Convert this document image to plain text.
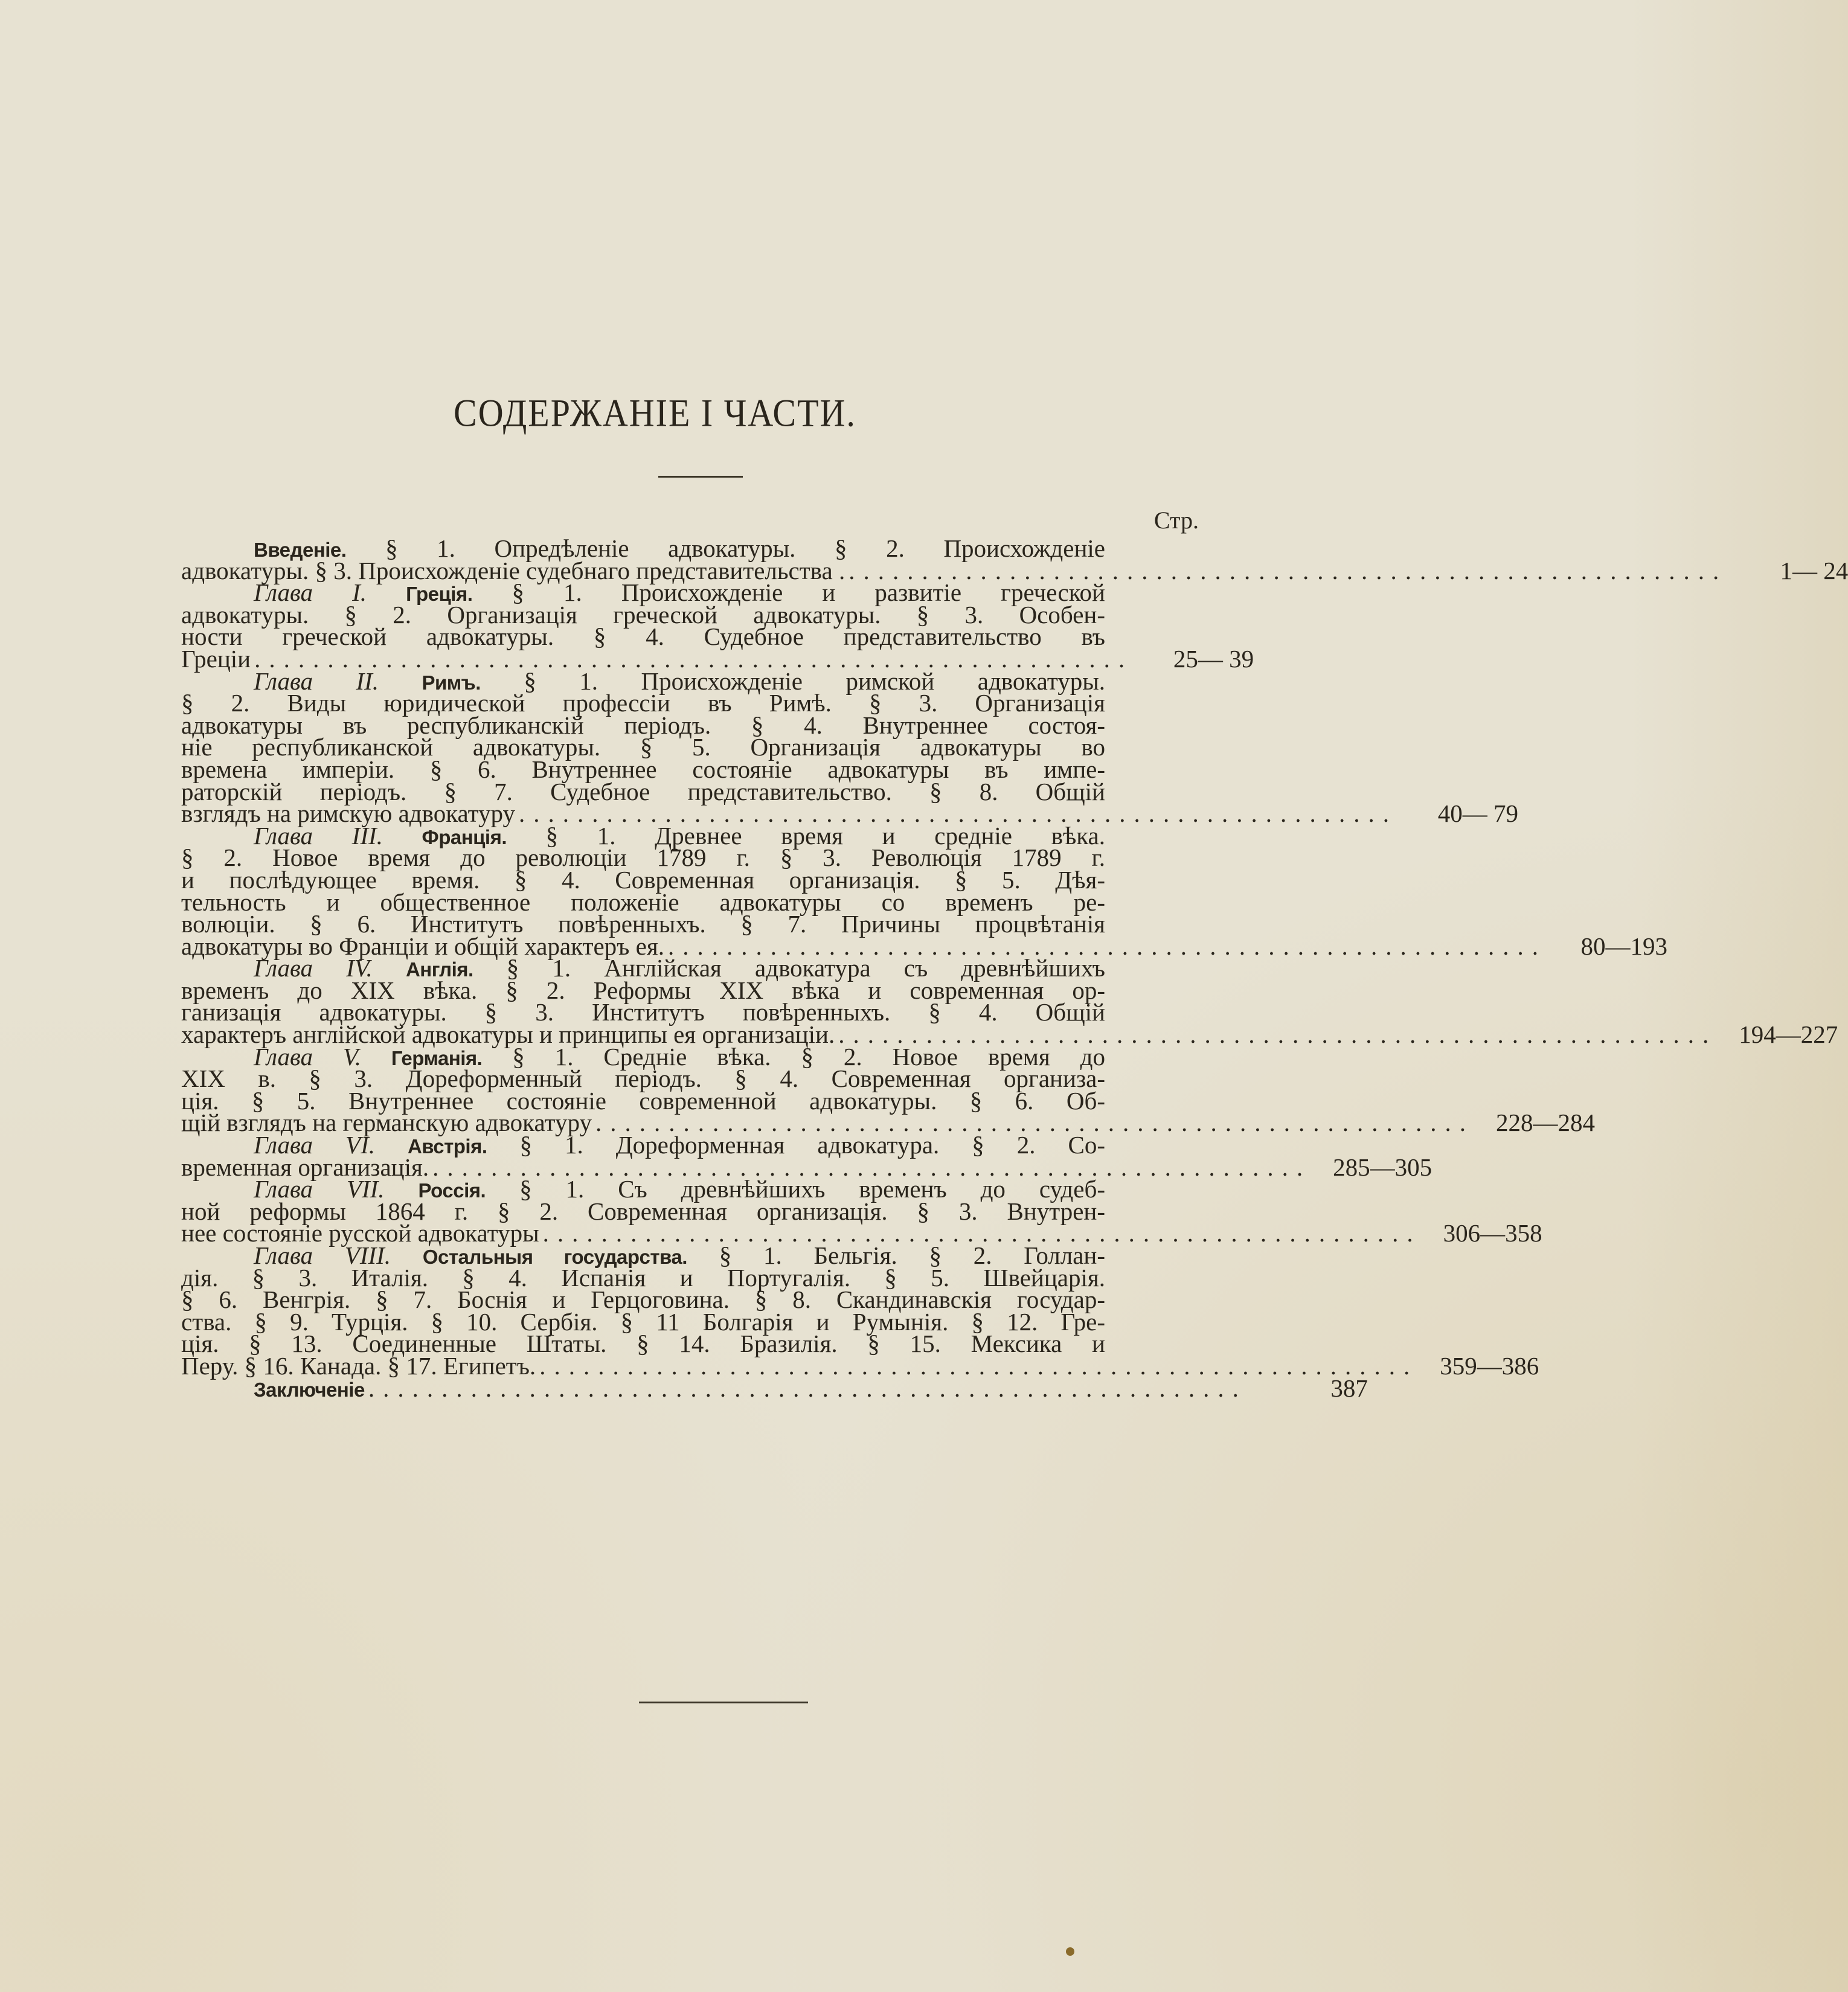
СОДЕРЖАНІЕ І ЧАСТИ.
Стр.
Введеніе. § 1. Опредѣленіе адвокатуры. § 2. Происхожденіе
адвокатуры. § 3. Происхожденіе судебнаго представительства . ............................................................	1— 24
Глава I. Греція. § 1. Происхожденіе и развитіе греческой
адвокатуры. § 2. Организація греческой адвокатуры. § 3. Особен-
ности греческой адвокатуры. § 4. Судебное представительство въ
Греціи ............................................................	25— 39
Глава II. Римъ. § 1. Происхожденіе римской адвокатуры.
§ 2. Виды юридической профессіи въ Римѣ. § 3. Организація
адвокатуры въ республиканскій періодъ. § 4. Внутреннее состоя-
ніе республиканской адвокатуры. § 5. Организація адвокатуры во
времена имперіи. § 6. Внутреннее состояніе адвокатуры въ импе-
раторскій періодъ. § 7. Судебное представительство. § 8. Общій
взглядъ на римскую адвокатуру ............................................................	40— 79
Глава III. Франція. § 1. Древнее время и средніе вѣка.
§ 2. Новое время до революціи 1789 г. § 3. Революція 1789 г.
и послѣдующее время. § 4. Современная организація. § 5. Дѣя-
тельность и общественное положеніе адвокатуры со временъ ре-
волюціи. § 6. Институтъ повѣренныхъ. § 7. Причины процвѣтанія
адвокатуры во Франціи и общій характеръ ея. ............................................................	80—193
Глава IV. Англія. § 1. Англійская адвокатура съ древнѣйшихъ
временъ до XIX вѣка. § 2. Реформы XIX вѣка и современная ор-
ганизація адвокатуры. § 3. Институтъ повѣренныхъ. § 4. Общій
характеръ англійской адвокатуры и принципы ея организаціи. ............................................................ 194—227
Глава V. Германія. § 1. Средніе вѣка. § 2. Новое время до
XIX в. § 3. Дореформенный періодъ. § 4. Современная организа-
ція. § 5. Внутреннее состояніе современной адвокатуры. § 6. Об-
щій взглядъ на германскую адвокатуру ............................................................ 228—284
Глава VI. Австрія. § 1. Дореформенная адвокатура. § 2. Со-
временная организація. ............................................................ 285—305
Глава VII. Россія. § 1. Съ древнѣйшихъ временъ до судеб-
ной реформы 1864 г. § 2. Современная организація. § 3. Внутрен-
нее состояніе русской адвокатуры ............................................................ 306—358
Глава VIII. Остальныя государства. § 1. Бельгія. § 2. Голлан-
дія. § 3. Италія. § 4. Испанія и Португалія. § 5. Швейцарія.
§ 6. Венгрія. § 7. Боснія и Герцоговина. § 8. Скандинавскія государ-
ства. § 9. Турція. § 10. Сербія. § 11 Болгарія и Румынія. § 12. Гре-
ція. § 13. Соединенные Штаты. § 14. Бразилія. § 15. Мексика и
Перу. § 16. Канада. § 17. Египетъ. ............................................................ 359—386
Заключеніе ............................................................	387
